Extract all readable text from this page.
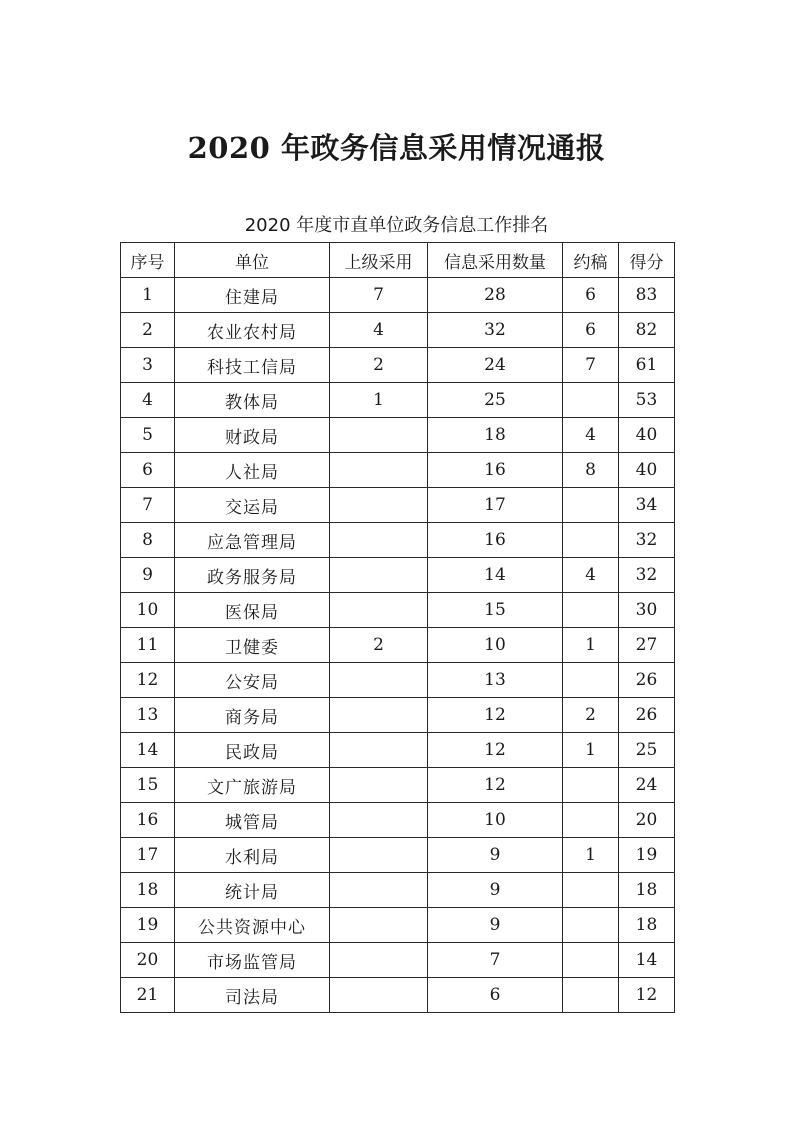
2020 年政务信息采用情况通报
2020 年度市直单位政务信息工作排名
序号	单位	上级采用	信息采用数量	约稿	得分
1	住建局	7	28	6	83
2	农业农村局	4	32	6	82
3	科技工信局	2	24	7	61
4	教体局	1	25		53
5	财政局		18	4	40
6	人社局		16	8	40
7	交运局		17		34
8	应急管理局		16		32
9	政务服务局		14	4	32
10	医保局		15		30
11	卫健委	2	10	1	27
12	公安局		13		26
13	商务局		12	2	26
14	民政局		12	1	25
15	文广旅游局		12		24
16	城管局		10		20
17	水利局		9	1	19
18	统计局		9		18
19	公共资源中心		9		18
20	市场监管局		7		14
21	司法局		6		12
